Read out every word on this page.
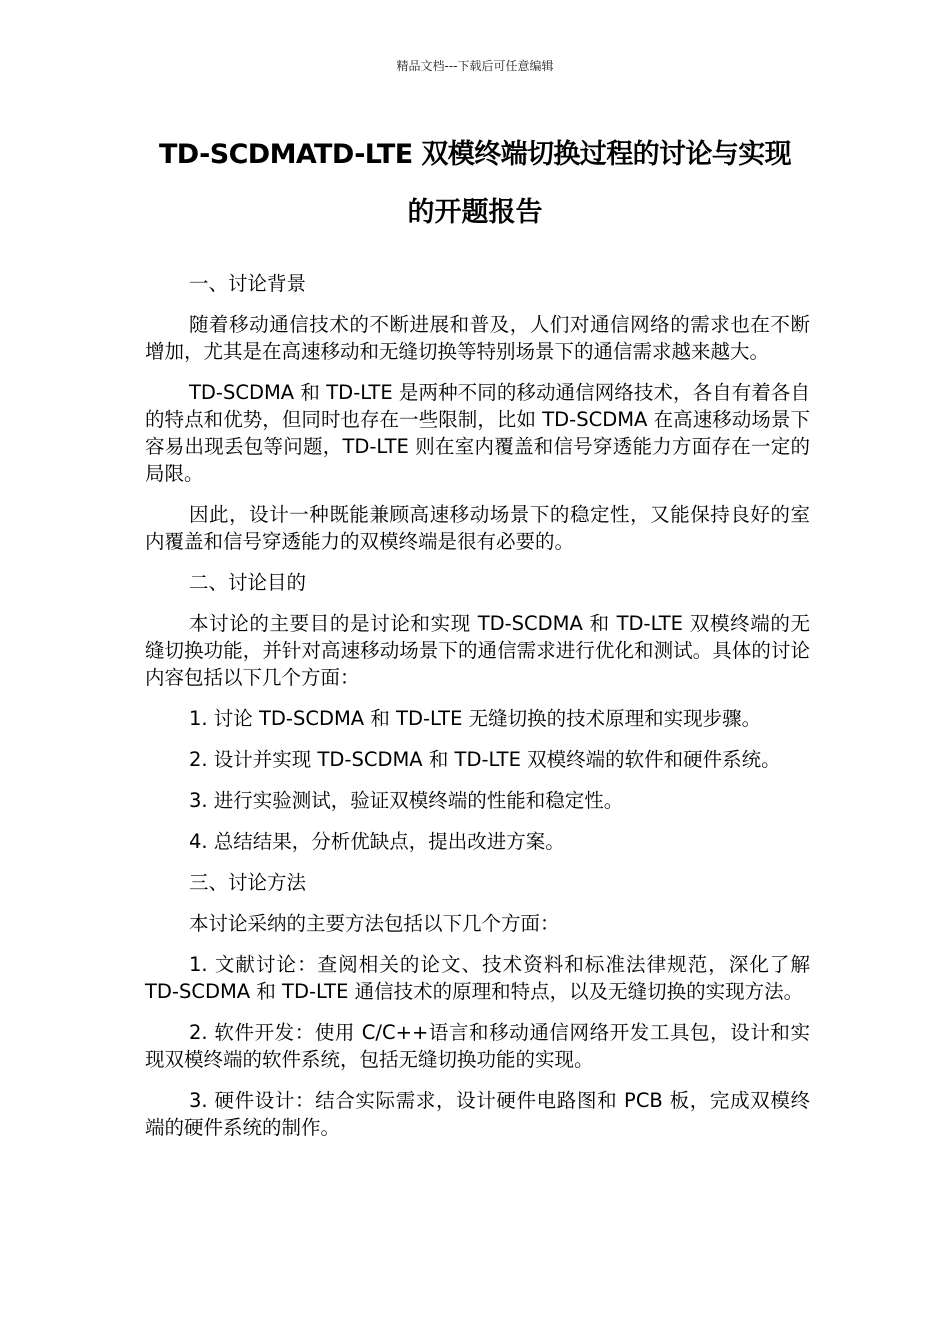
精品文档---下载后可任意编辑
TD-SCDMATD-LTE 双模终端切换过程的讨论与实现
的开题报告

一、讨论背景

随着移动通信技术的不断进展和普及，人们对通信网络的需求也在不断增加，尤其是在高速移动和无缝切换等特别场景下的通信需求越来越大。

TD-SCDMA 和 TD-LTE 是两种不同的移动通信网络技术，各自有着各自的特点和优势，但同时也存在一些限制，比如 TD-SCDMA 在高速移动场景下容易出现丢包等问题，TD-LTE 则在室内覆盖和信号穿透能力方面存在一定的局限。

因此，设计一种既能兼顾高速移动场景下的稳定性，又能保持良好的室内覆盖和信号穿透能力的双模终端是很有必要的。

二、讨论目的

本讨论的主要目的是讨论和实现 TD-SCDMA 和 TD-LTE 双模终端的无缝切换功能，并针对高速移动场景下的通信需求进行优化和测试。具体的讨论内容包括以下几个方面：

1. 讨论 TD-SCDMA 和 TD-LTE 无缝切换的技术原理和实现步骤。

2. 设计并实现 TD-SCDMA 和 TD-LTE 双模终端的软件和硬件系统。

3. 进行实验测试，验证双模终端的性能和稳定性。

4. 总结结果，分析优缺点，提出改进方案。

三、讨论方法

本讨论采纳的主要方法包括以下几个方面：

1. 文献讨论：查阅相关的论文、技术资料和标准法律规范，深化了解 TD-SCDMA 和 TD-LTE 通信技术的原理和特点，以及无缝切换的实现方法。

2. 软件开发：使用 C/C++语言和移动通信网络开发工具包，设计和实现双模终端的软件系统，包括无缝切换功能的实现。

3. 硬件设计：结合实际需求，设计硬件电路图和 PCB 板，完成双模终端的硬件系统的制作。
